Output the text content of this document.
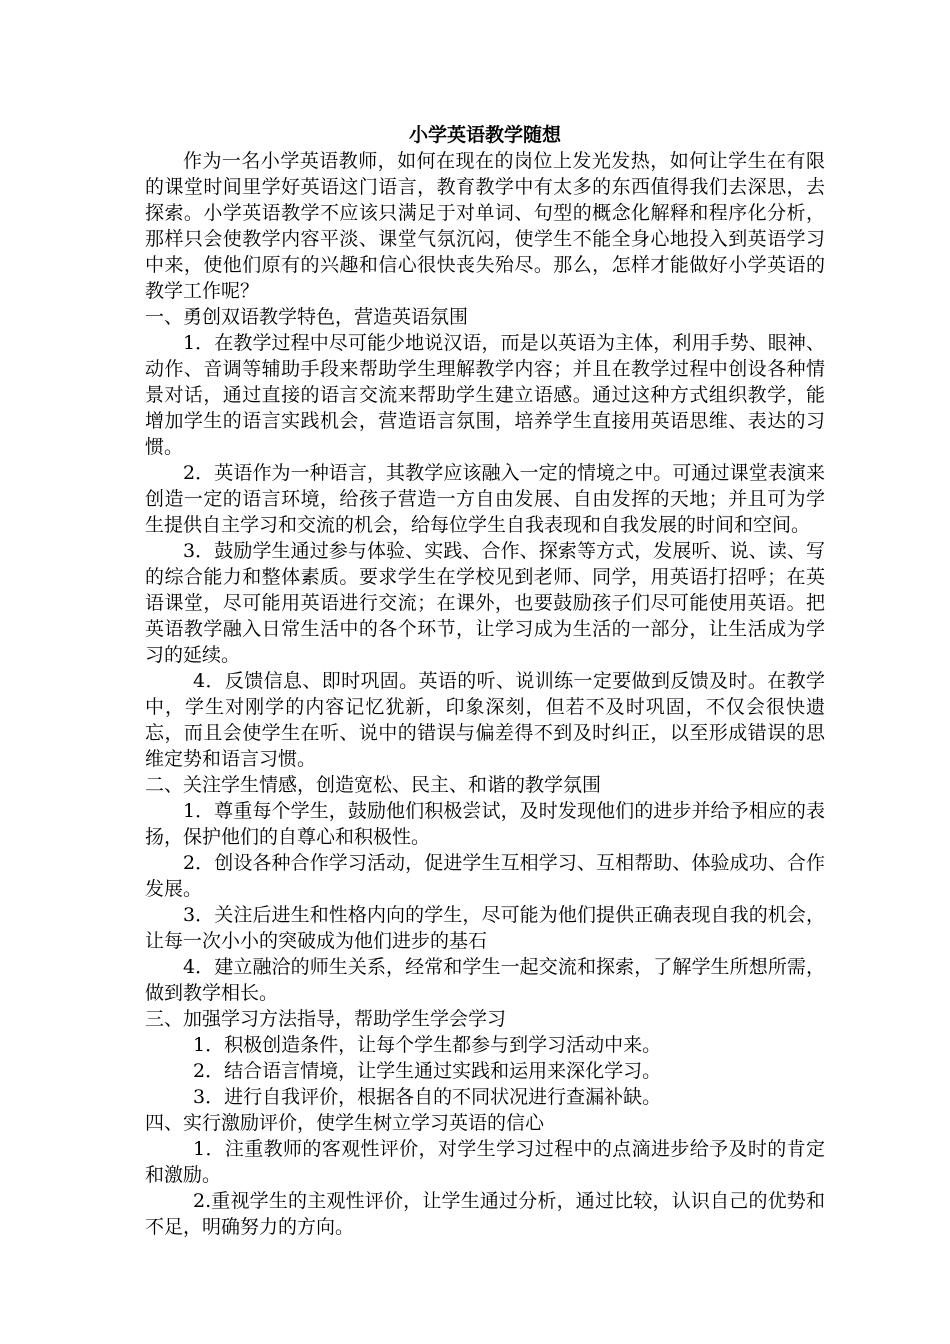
小学英语教学随想

作为一名小学英语教师，如何在现在的岗位上发光发热，如何让学生在有限的课堂时间里学好英语这门语言，教育教学中有太多的东西值得我们去深思，去探索。小学英语教学不应该只满足于对单词、句型的概念化解释和程序化分析，那样只会使教学内容平淡、课堂气氛沉闷，使学生不能全身心地投入到英语学习中来，使他们原有的兴趣和信心很快丧失殆尽。那么，怎样才能做好小学英语的教学工作呢？

一、勇创双语教学特色，营造英语氛围

1．在教学过程中尽可能少地说汉语，而是以英语为主体，利用手势、眼神、动作、音调等辅助手段来帮助学生理解教学内容；并且在教学过程中创设各种情景对话，通过直接的语言交流来帮助学生建立语感。通过这种方式组织教学，能增加学生的语言实践机会，营造语言氛围，培养学生直接用英语思维、表达的习惯。

2．英语作为一种语言，其教学应该融入一定的情境之中。可通过课堂表演来创造一定的语言环境，给孩子营造一方自由发展、自由发挥的天地；并且可为学生提供自主学习和交流的机会，给每位学生自我表现和自我发展的时间和空间。

3．鼓励学生通过参与体验、实践、合作、探索等方式，发展听、说、读、写的综合能力和整体素质。要求学生在学校见到老师、同学，用英语打招呼；在英语课堂，尽可能用英语进行交流；在课外，也要鼓励孩子们尽可能使用英语。把英语教学融入日常生活中的各个环节，让学习成为生活的一部分，让生活成为学习的延续。

4．反馈信息、即时巩固。英语的听、说训练一定要做到反馈及时。在教学中，学生对刚学的内容记忆犹新，印象深刻，但若不及时巩固，不仅会很快遗忘，而且会使学生在听、说中的错误与偏差得不到及时纠正，以至形成错误的思维定势和语言习惯。

二、关注学生情感，创造宽松、民主、和谐的教学氛围

1．尊重每个学生，鼓励他们积极尝试，及时发现他们的进步并给予相应的表扬，保护他们的自尊心和积极性。

2．创设各种合作学习活动，促进学生互相学习、互相帮助、体验成功、合作发展。

3．关注后进生和性格内向的学生，尽可能为他们提供正确表现自我的机会，让每一次小小的突破成为他们进步的基石

4．建立融洽的师生关系，经常和学生一起交流和探索，了解学生所想所需，做到教学相长。

三、加强学习方法指导，帮助学生学会学习

1．积极创造条件，让每个学生都参与到学习活动中来。

2．结合语言情境，让学生通过实践和运用来深化学习。

3．进行自我评价，根据各自的不同状况进行查漏补缺。

四、实行激励评价，使学生树立学习英语的信心

1．注重教师的客观性评价，对学生学习过程中的点滴进步给予及时的肯定和激励。

2.重视学生的主观性评价，让学生通过分析，通过比较，认识自己的优势和不足，明确努力的方向。
